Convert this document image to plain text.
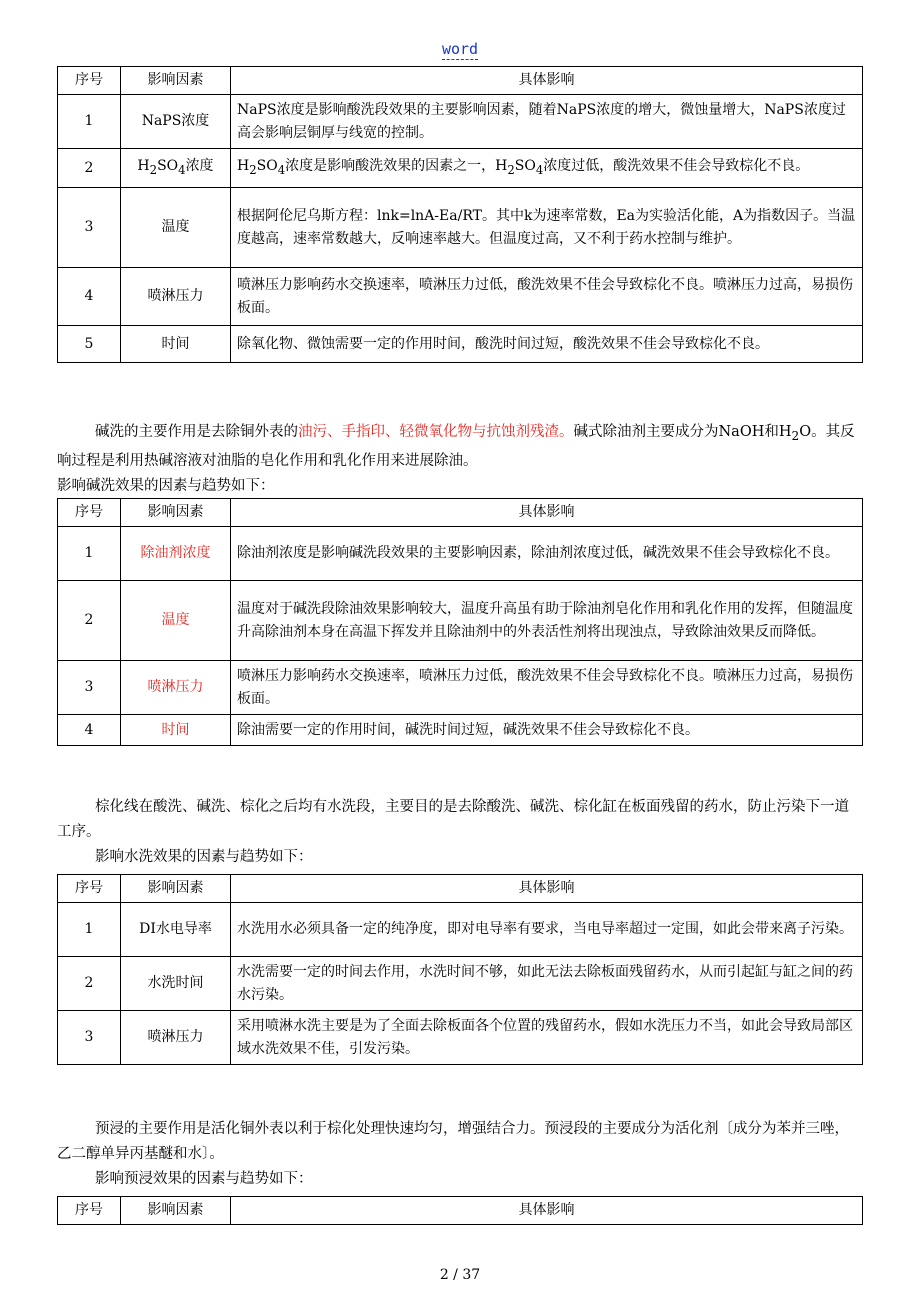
word
序号	影响因素	具体影响
1	NaPS浓度	NaPS浓度是影响酸洗段效果的主要影响因素，随着NaPS浓度的增大，微蚀量增大，NaPS浓度过高会影响层铜厚与线宽的控制。
2	$H_2SO_4$浓度	$H_2SO_4$浓度是影响酸洗效果的因素之一，$H_2SO_4$浓度过低，酸洗效果不佳会导致棕化不良。
3	温度	根据阿伦尼乌斯方程：lnk=lnA-Ea/RT。其中k为速率常数，Ea为实验活化能，A为指数因子。当温度越高，速率常数越大，反响速率越大。但温度过高，又不利于药水控制与维护。
4	喷淋压力	喷淋压力影响药水交换速率，喷淋压力过低，酸洗效果不佳会导致棕化不良。喷淋压力过高，易损伤板面。
5	时间	除氧化物、微蚀需要一定的作用时间，酸洗时间过短，酸洗效果不佳会导致棕化不良。

碱洗的主要作用是去除铜外表的油污、手指印、轻微氧化物与抗蚀剂残渣。碱式除油剂主要成分为NaOH和$H_2O$。其反响过程是利用热碱溶液对油脂的皂化作用和乳化作用来进展除油。

影响碱洗效果的因素与趋势如下：

序号	影响因素	具体影响
1	除油剂浓度	除油剂浓度是影响碱洗段效果的主要影响因素，除油剂浓度过低，碱洗效果不佳会导致棕化不良。
2	温度	温度对于碱洗段除油效果影响较大，温度升高虽有助于除油剂皂化作用和乳化作用的发挥，但随温度升高除油剂本身在高温下挥发并且除油剂中的外表活性剂将出现浊点，导致除油效果反而降低。
3	喷淋压力	喷淋压力影响药水交换速率，喷淋压力过低，酸洗效果不佳会导致棕化不良。喷淋压力过高，易损伤板面。
4	时间	除油需要一定的作用时间，碱洗时间过短，碱洗效果不佳会导致棕化不良。

棕化线在酸洗、碱洗、棕化之后均有水洗段，主要目的是去除酸洗、碱洗、棕化缸在板面残留的药水，防止污染下一道工序。

影响水洗效果的因素与趋势如下：

序号	影响因素	具体影响
1	DI水电导率	水洗用水必须具备一定的纯净度，即对电导率有要求，当电导率超过一定围，如此会带来离子污染。
2	水洗时间	水洗需要一定的时间去作用，水洗时间不够，如此无法去除板面残留药水，从而引起缸与缸之间的药水污染。
3	喷淋压力	采用喷淋水洗主要是为了全面去除板面各个位置的残留药水，假如水洗压力不当，如此会导致局部区域水洗效果不佳，引发污染。

预浸的主要作用是活化铜外表以利于棕化处理快速均匀，增强结合力。预浸段的主要成分为活化剂〔成分为苯并三唑，乙二醇单异丙基醚和水〕。

影响预浸效果的因素与趋势如下：

序号	影响因素	具体影响
2 / 37
